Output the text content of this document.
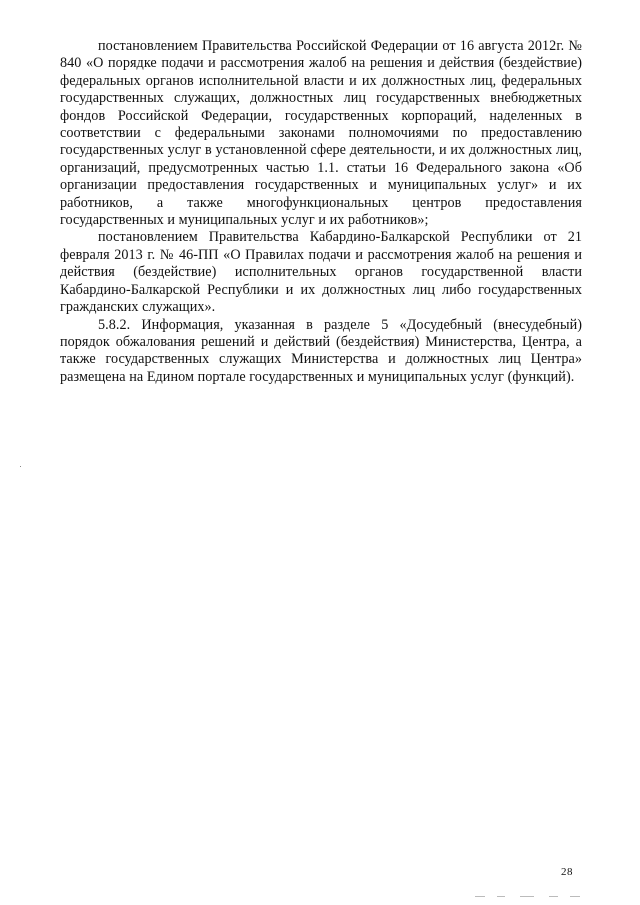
постановлением Правительства Российской Федерации от 16 августа 2012г. № 840 «О порядке подачи и рассмотрения жалоб на решения и действия (бездействие) федеральных органов исполнительной власти и их должностных лиц, федеральных государственных служащих, должностных лиц государственных внебюджетных фондов Российской Федерации, государственных корпораций, наделенных в соответствии с федеральными законами полномочиями по предоставлению государственных услуг в установленной сфере деятельности, и их должностных лиц, организаций, предусмотренных частью 1.1. статьи 16 Федерального закона «Об организации предоставления государственных и муниципальных услуг» и их работников, а также многофункциональных центров предоставления государственных и муниципальных услуг и их работников»;

постановлением Правительства Кабардино-Балкарской Республики от 21 февраля 2013 г. № 46-ПП «О Правилах подачи и рассмотрения жалоб на решения и действия (бездействие) исполнительных органов государственной власти Кабардино-Балкарской Республики и их должностных лиц либо государственных гражданских служащих».

5.8.2. Информация, указанная в разделе 5 «Досудебный (внесудебный) порядок обжалования решений и действий (бездействия) Министерства, Центра, а также государственных служащих Министерства и должностных лиц Центра» размещена на Едином портале государственных и муниципальных услуг (функций).

28
